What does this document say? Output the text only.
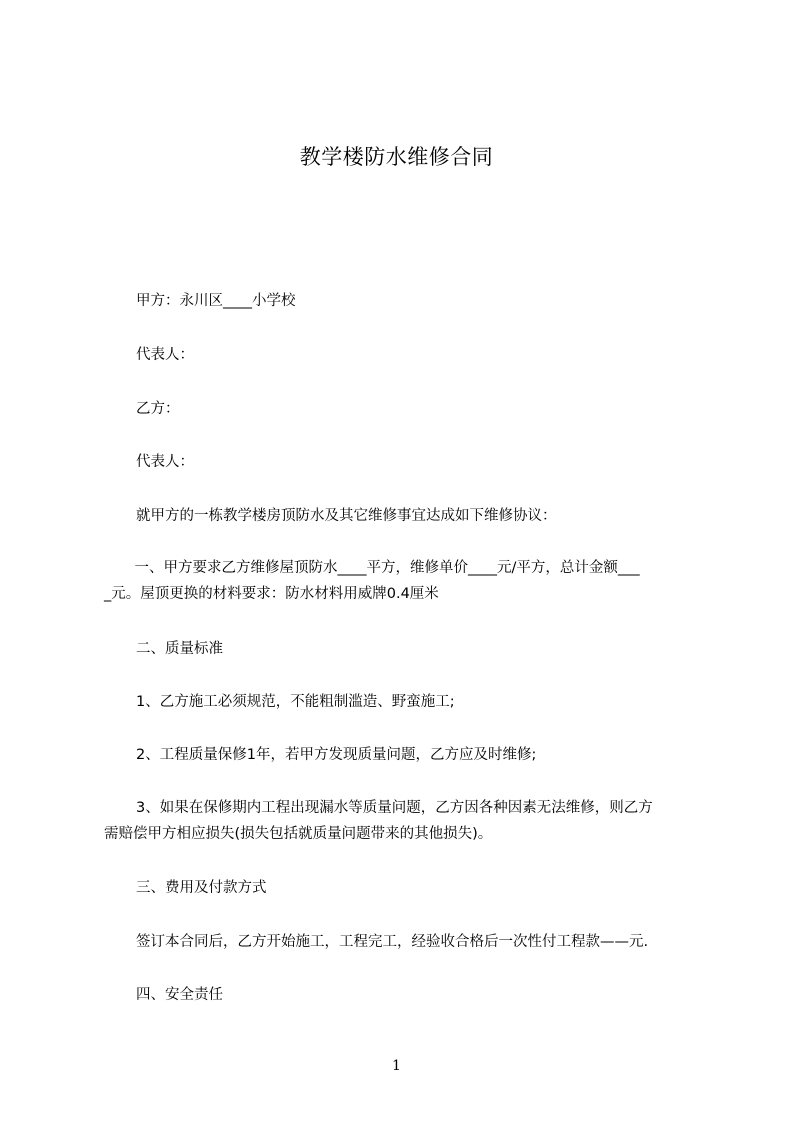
教学楼防水维修合同
甲方：永川区____小学校
代表人：
乙方：
代表人：
就甲方的一栋教学楼房顶防水及其它维修事宜达成如下维修协议：
　一、甲方要求乙方维修屋顶防水____平方，维修单价____元/平方，总计金额___
_元。屋顶更换的材料要求：防水材料用威牌0.4厘米
二、质量标准
1、乙方施工必须规范，不能粗制滥造、野蛮施工;
2、工程质量保修1年，若甲方发现质量问题，乙方应及时维修;
3、如果在保修期内工程出现漏水等质量问题，乙方因各种因素无法维修，则乙方
需赔偿甲方相应损失(损失包括就质量问题带来的其他损失)。
三、费用及付款方式
签订本合同后，乙方开始施工，工程完工，经验收合格后一次性付工程款——元.
四、安全责任
1
